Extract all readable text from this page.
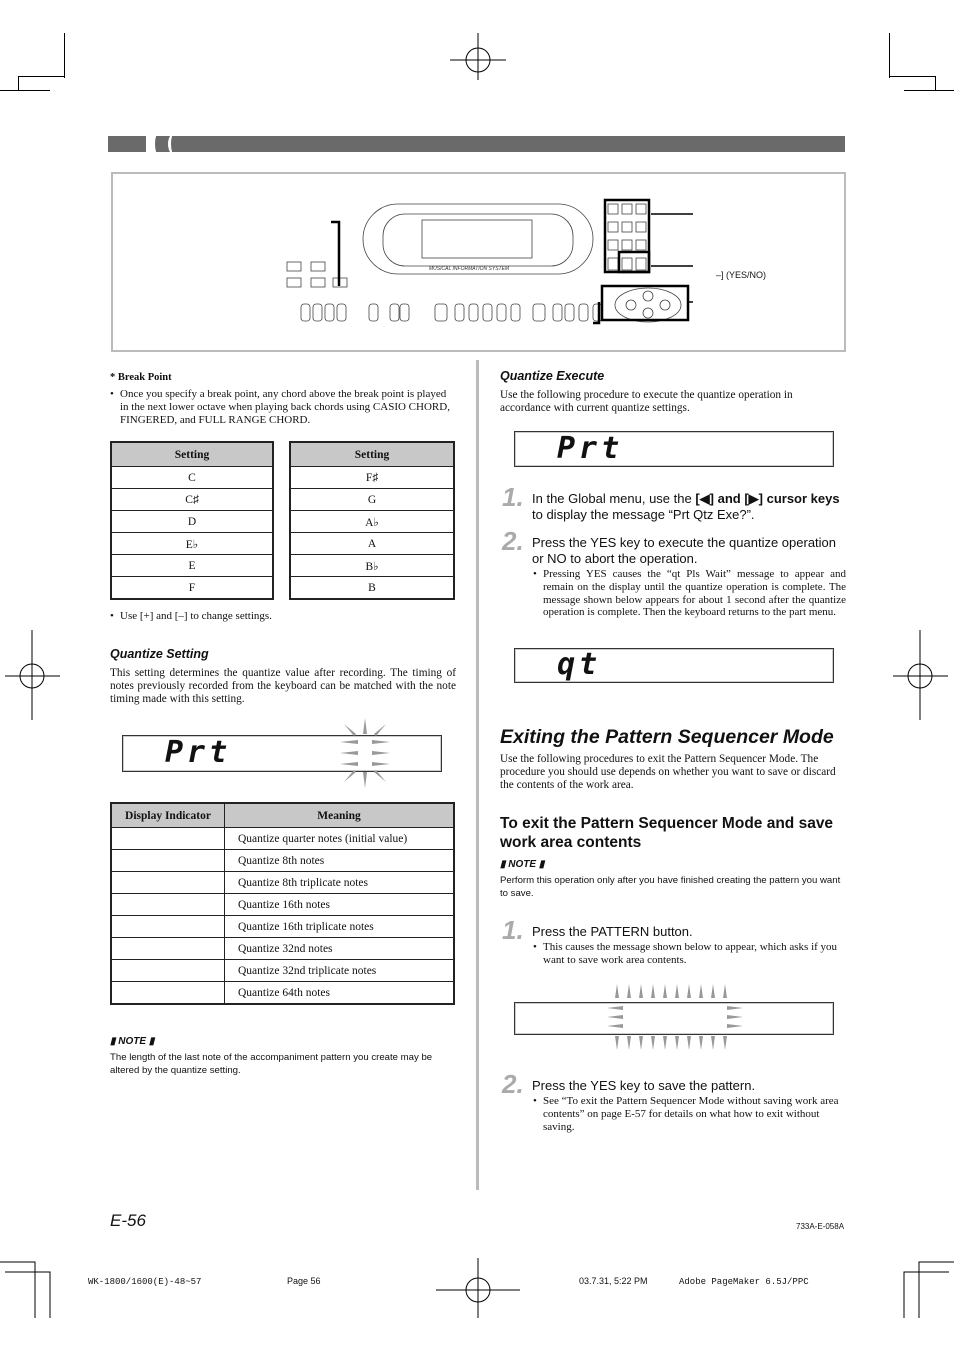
MUSICAL INFORMATION SYSTEM
–] (YES/NO)
* Break Point
• Once you specify a break point, any chord above the break point is played in the next lower octave when playing back chords using CASIO CHORD, FINGERED, and FULL RANGE CHORD.
Setting
C
C♯
D
E♭
E
F
Setting
F♯
G
A♭
A
B♭
B
• Use [+] and [–] to change settings.
Quantize Setting
This setting determines the quantize value after recording. The timing of notes previously recorded from the keyboard can be matched with the note timing made with this setting.
Prt
Display Indicator	Meaning
	Quantize quarter notes (initial value)
	Quantize 8th notes
	Quantize 8th triplicate notes
	Quantize 16th notes
	Quantize 16th triplicate notes
	Quantize 32nd notes
	Quantize 32nd triplicate notes
	Quantize 64th notes
▮ NOTE ▮
The length of the last note of the accompaniment pattern you create may be altered by the quantize setting.
Quantize Execute
Use the following procedure to execute the quantize operation in accordance with current quantize settings.
Prt
1. In the Global menu, use the [◀] and [▶] cursor keys to display the message “Prt Qtz Exe?”.
2. Press the YES key to execute the quantize operation or NO to abort the operation.
• Pressing YES causes the “qt Pls Wait” message to appear and remain on the display until the quantize operation is complete. The message shown below appears for about 1 second after the quantize operation is complete. Then the keyboard returns to the part menu.
qt
Exiting the Pattern Sequencer Mode
Use the following procedures to exit the Pattern Sequencer Mode. The procedure you should use depends on whether you want to save or discard the contents of the work area.
To exit the Pattern Sequencer Mode and save work area contents
▮ NOTE ▮
Perform this operation only after you have finished creating the pattern you want to save.
1. Press the PATTERN button.
• This causes the message shown below to appear, which asks if you want to save work area contents.
2. Press the YES key to save the pattern.
• See “To exit the Pattern Sequencer Mode without saving work area contents” on page E-57 for details on what how to exit without saving.
E-56	733A-E-058A
WK-1800/1600(E)-48~57	Page 56	03.7.31, 5:22 PM	Adobe PageMaker 6.5J/PPC
